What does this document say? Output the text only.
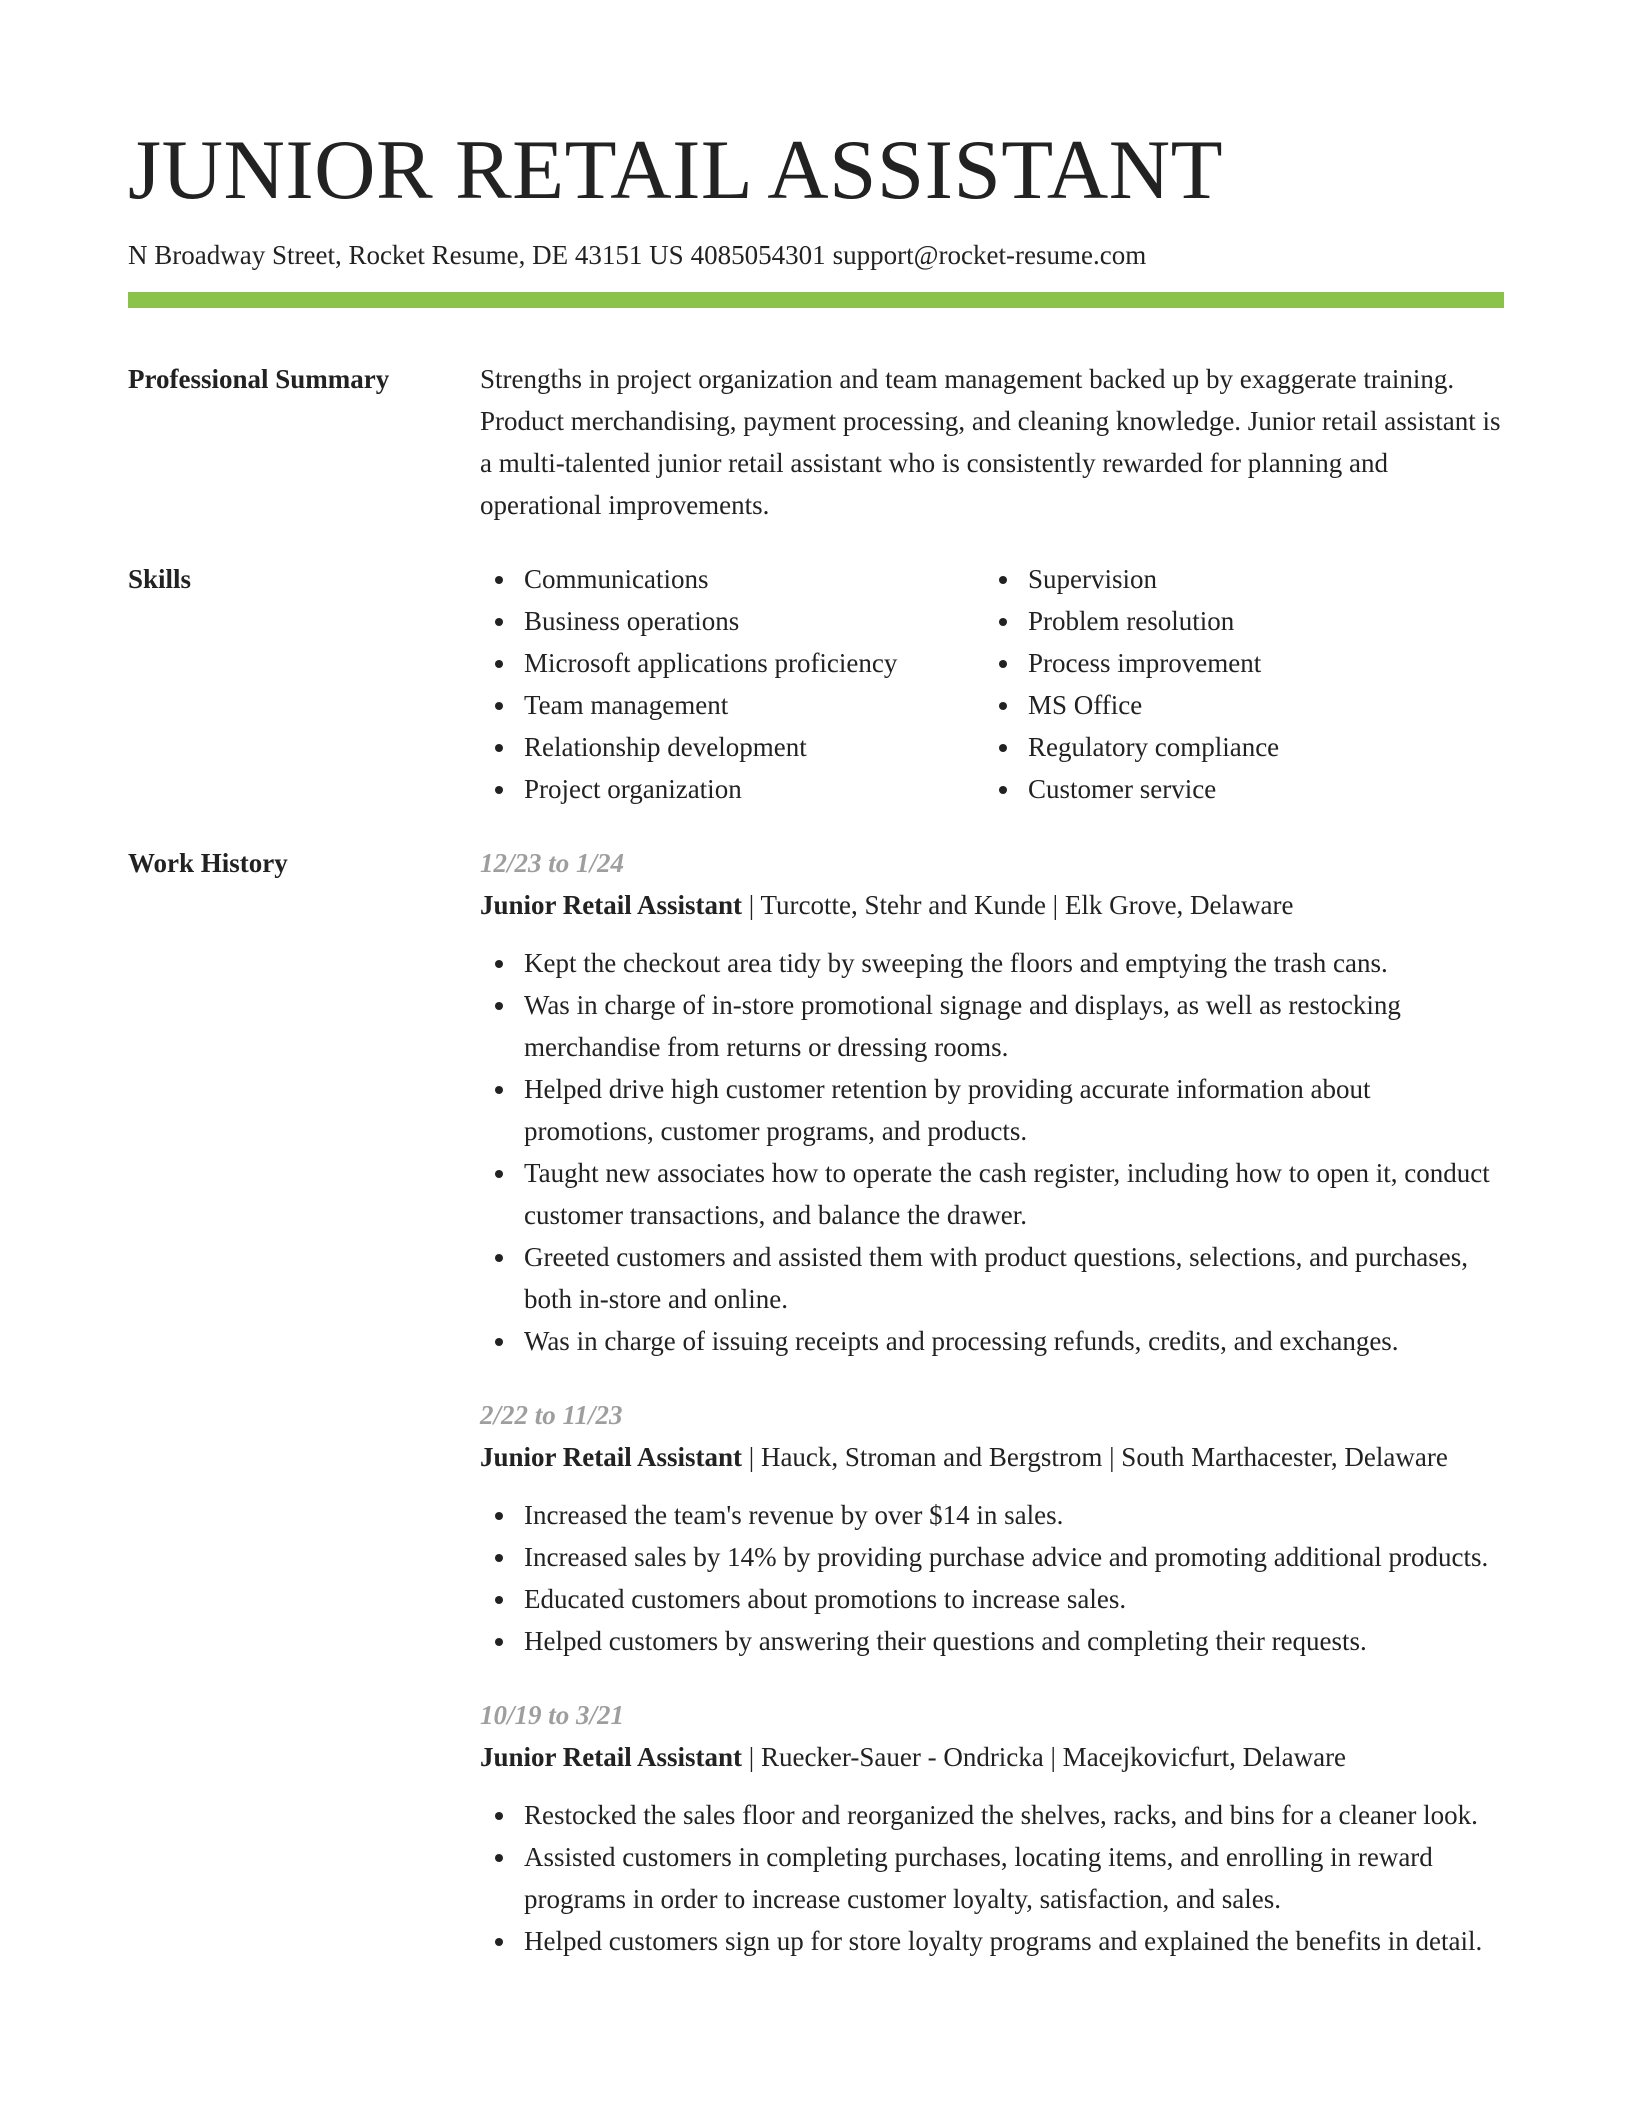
JUNIOR RETAIL ASSISTANT
N Broadway Street, Rocket Resume, DE 43151 US 4085054301 support@rocket-resume.com
Professional Summary	Strengths in project organization and team management backed up by exaggerate training. Product merchandising, payment processing, and cleaning knowledge. Junior retail assistant is a multi-talented junior retail assistant who is consistently rewarded for planning and operational improvements.
Skills	Communications
Business operations
Microsoft applications proficiency
Team management
Relationship development
Project organization
Supervision
Problem resolution
Process improvement
MS Office
Regulatory compliance
Customer service
Work History	12/23 to 1/24
Junior Retail Assistant | Turcotte, Stehr and Kunde | Elk Grove, Delaware
Kept the checkout area tidy by sweeping the floors and emptying the trash cans.
Was in charge of in-store promotional signage and displays, as well as restocking merchandise from returns or dressing rooms.
Helped drive high customer retention by providing accurate information about promotions, customer programs, and products.
Taught new associates how to operate the cash register, including how to open it, conduct customer transactions, and balance the drawer.
Greeted customers and assisted them with product questions, selections, and purchases, both in-store and online.
Was in charge of issuing receipts and processing refunds, credits, and exchanges.
2/22 to 11/23
Junior Retail Assistant | Hauck, Stroman and Bergstrom | South Marthacester, Delaware
Increased the team's revenue by over $14 in sales.
Increased sales by 14% by providing purchase advice and promoting additional products.
Educated customers about promotions to increase sales.
Helped customers by answering their questions and completing their requests.
10/19 to 3/21
Junior Retail Assistant | Ruecker-Sauer - Ondricka | Macejkovicfurt, Delaware
Restocked the sales floor and reorganized the shelves, racks, and bins for a cleaner look.
Assisted customers in completing purchases, locating items, and enrolling in reward programs in order to increase customer loyalty, satisfaction, and sales.
Helped customers sign up for store loyalty programs and explained the benefits in detail.
